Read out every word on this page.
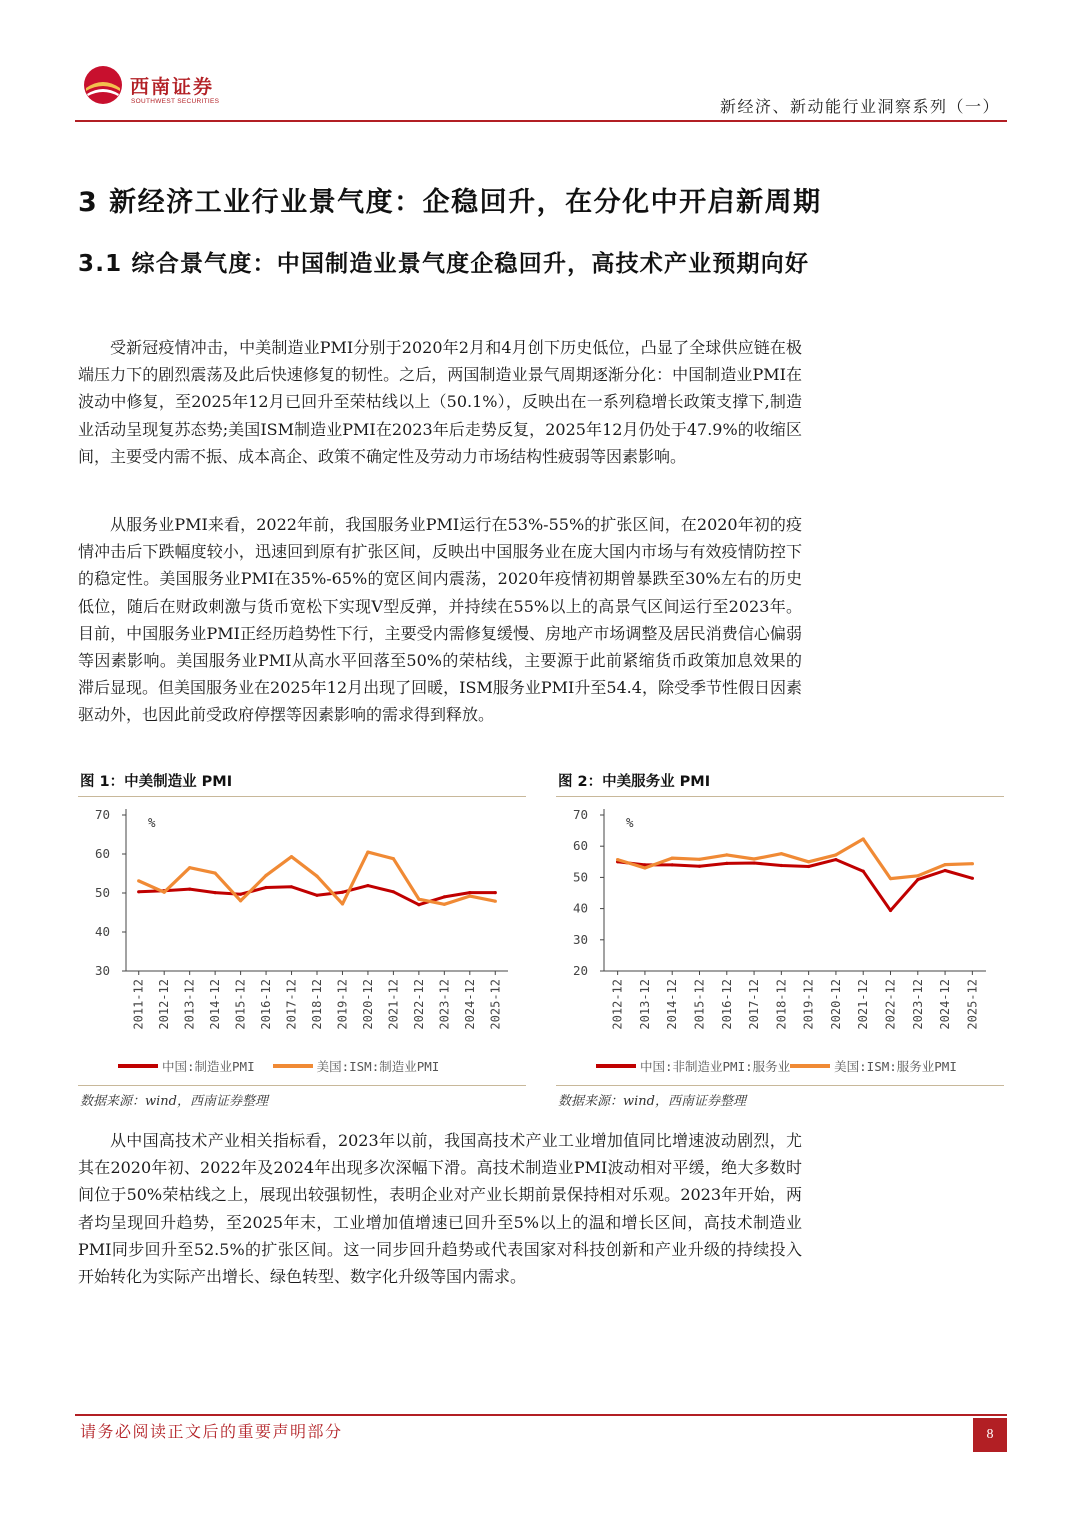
西南证券
SOUTHWEST SECURITIES	新经济、新动能行业洞察系列（一）
3 新经济工业行业景气度：企稳回升，在分化中开启新周期
3.1 综合景气度：中国制造业景气度企稳回升，高技术产业预期向好
受新冠疫情冲击，中美制造业PMI分别于2020年2月和4月创下历史低位，凸显了全球供应链在极端压力下的剧烈震荡及此后快速修复的韧性。之后，两国制造业景气周期逐渐分化：中国制造业PMI在波动中修复，至2025年12月已回升至荣枯线以上（50.1%），反映出在一系列稳增长政策支撑下,制造业活动呈现复苏态势;美国ISM制造业PMI在2023年后走势反复，2025年12月仍处于47.9%的收缩区间，主要受内需不振、成本高企、政策不确定性及劳动力市场结构性疲弱等因素影响。
从服务业PMI来看，2022年前，我国服务业PMI运行在53%-55%的扩张区间，在2020年初的疫情冲击后下跌幅度较小，迅速回到原有扩张区间，反映出中国服务业在庞大国内市场与有效疫情防控下的稳定性。美国服务业PMI在35%-65%的宽区间内震荡，2020年疫情初期曾暴跌至30%左右的历史低位，随后在财政刺激与货币宽松下实现V型反弹，并持续在55%以上的高景气区间运行至2023年。目前，中国服务业PMI正经历趋势性下行，主要受内需修复缓慢、房地产市场调整及居民消费信心偏弱等因素影响。美国服务业PMI从高水平回落至50%的荣枯线，主要源于此前紧缩货币政策加息效果的滞后显现。但美国服务业在2025年12月出现了回暖，ISM服务业PMI升至54.4，除受季节性假日因素驱动外，也因此前受政府停摆等因素影响的需求得到释放。
图 1：中美制造业 PMI
70
60
50
40
30
%
2011-12 2012-12 2013-12 2014-12 2015-12 2016-12 2017-12 2018-12 2019-12 2020-12 2021-12 2022-12 2023-12 2024-12 2025-12
中国:制造业PMI	美国:ISM:制造业PMI
数据来源：wind，西南证券整理
图 2：中美服务业 PMI
70
60
50
40
30
20
%
2012-12 2013-12 2014-12 2015-12 2016-12 2017-12 2018-12 2019-12 2020-12 2021-12 2022-12 2023-12 2024-12 2025-12
中国:非制造业PMI:服务业	美国:ISM:服务业PMI
数据来源：wind，西南证券整理
从中国高技术产业相关指标看，2023年以前，我国高技术产业工业增加值同比增速波动剧烈，尤其在2020年初、2022年及2024年出现多次深幅下滑。高技术制造业PMI波动相对平缓，绝大多数时间位于50%荣枯线之上，展现出较强韧性，表明企业对产业长期前景保持相对乐观。2023年开始，两者均呈现回升趋势，至2025年末，工业增加值增速已回升至5%以上的温和增长区间，高技术制造业PMI同步回升至52.5%的扩张区间。这一同步回升趋势或代表国家对科技创新和产业升级的持续投入开始转化为实际产出增长、绿色转型、数字化升级等国内需求。
请务必阅读正文后的重要声明部分	8
